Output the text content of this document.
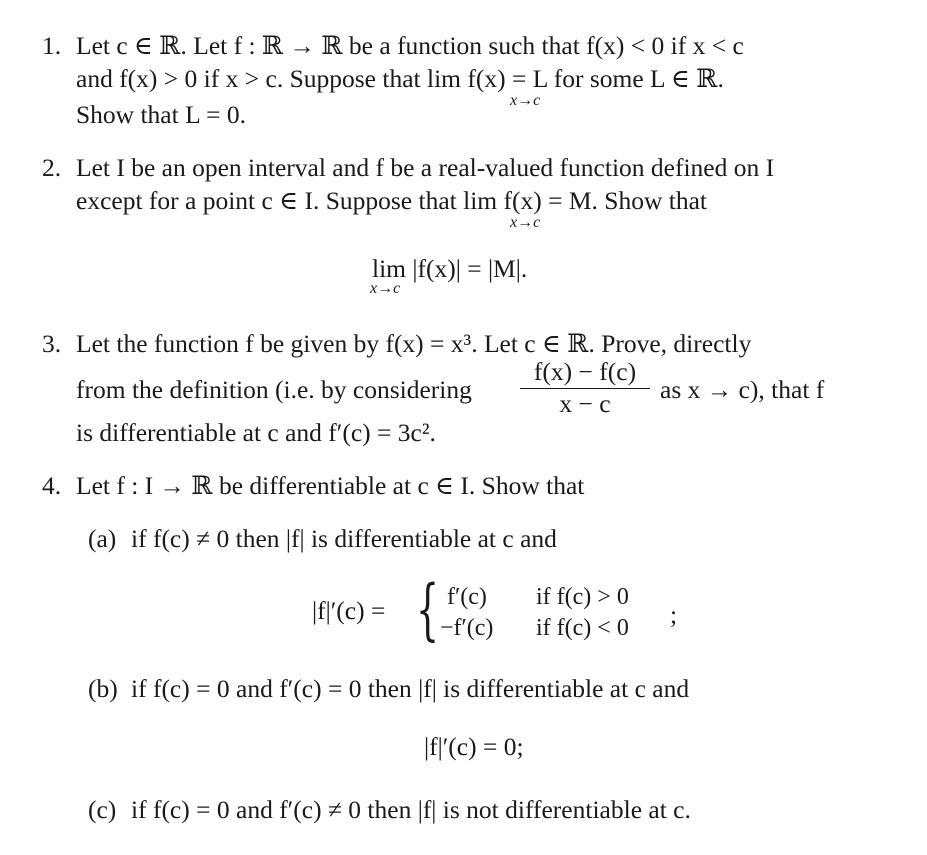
1. Let c ∈ ℝ. Let f : ℝ → ℝ be a function such that f(x) < 0 if x < c
and f(x) > 0 if x > c. Suppose that lim f(x) = L for some L ∈ ℝ.
x→c
Show that L = 0.
2. Let I be an open interval and f be a real-valued function defined on I
except for a point c ∈ I. Suppose that lim f(x) = M. Show that
x→c
lim |f(x)| = |M|.
x→c
3. Let the function f be given by f(x) = x³. Let c ∈ ℝ. Prove, directly
from the definition (i.e. by considering
f(x) − f(c)
x − c	as x → c), that f
is differentiable at c and f′(c) = 3c².
4. Let f : I → ℝ be differentiable at c ∈ I. Show that
(a) if f(c) ≠ 0 then |f| is differentiable at c and
|f|′(c) = { f′(c) if f(c) > 0
−f′(c) if f(c) < 0 ;
(b) if f(c) = 0 and f′(c) = 0 then |f| is differentiable at c and
|f|′(c) = 0;
(c) if f(c) = 0 and f′(c) ≠ 0 then |f| is not differentiable at c.
